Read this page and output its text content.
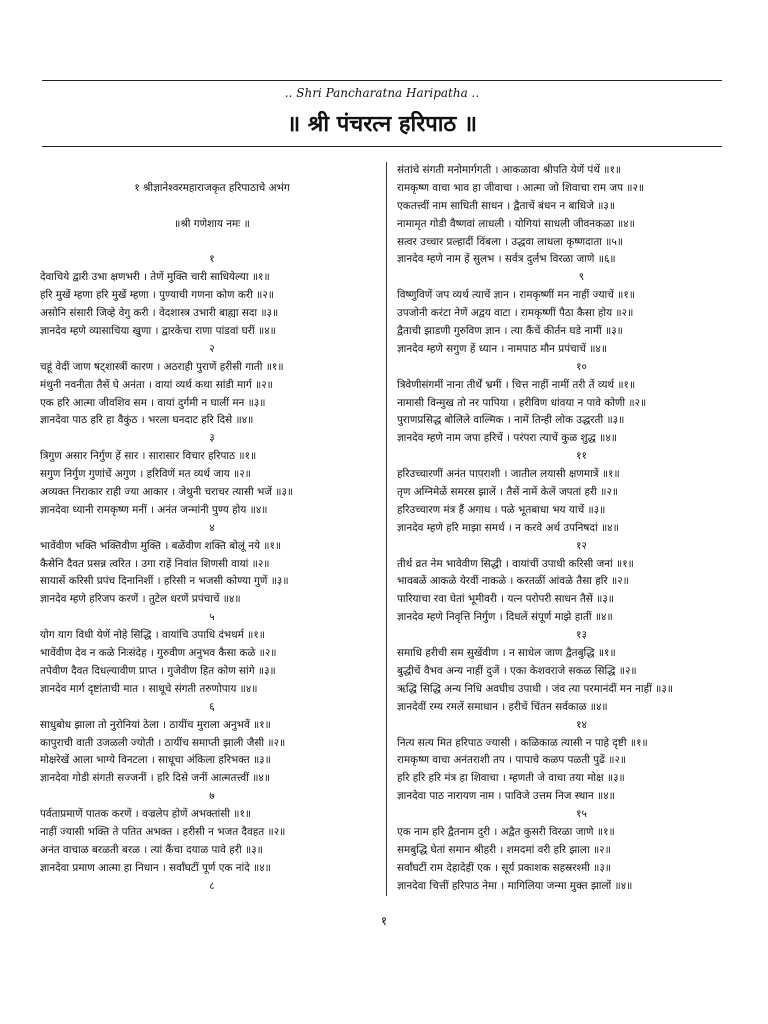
.. Shri Pancharatna Haripatha ..
॥ श्री पंचरत्न हरिपाठ ॥
१ श्रीज्ञानेश्वरमहाराजकृत हरिपाठाचे अभंग
॥श्री गणेशाय नमः ॥
१
देवाचिये द्वारी उभा क्षणभरी । तेणें मुक्ति चारी साधियेल्या ॥१॥
हरि मुखें म्हणा हरि मुखें म्हणा । पुण्याची गणना कोण करी ॥२॥
असोनि संसारी जिव्हे वेगु करी । वेदशास्त्र उभारी बाह्या सदा ॥३॥
ज्ञानदेव म्हणे व्यासाचिया खुणा । द्वारकेचा राणा पांडवां घरीं ॥४॥
२
चहूं वेदीं जाण षट्शास्त्रीं कारण । अठराही पुराणें हरीसी गाती ॥१॥
मंथुनी नवनीता तैसें घे अनंता । वायां व्यर्थ कथा सांडी मार्ग ॥२॥
एक हरि आत्मा जीवशिव सम । वायां दुर्गमी न घालीं मन ॥३॥
ज्ञानदेवा पाठ हरि हा वैकुंठ । भरला घनदाट हरि दिसे ॥४॥
३
त्रिगुण असार निर्गुण हें सार । सारासार विचार हरिपाठ ॥१॥
सगुण निर्गुण गुणांचें अगुण । हरिविणें मत व्यर्थ जाय ॥२॥
अव्यक्त निराकार राही ज्या आकार । जेथुनी चराचर त्यासी भजें ॥३॥
ज्ञानदेवा ध्यानी रामकृष्ण मनीं । अनंत जन्मांनी पुण्य होय ॥४॥
४
भावेंवीण भक्ति भक्तिवीण मुक्ति । बळेंवीण शक्ति बोलूं नये ॥१॥
कैसेनि दैवत प्रसन्न त्वरित । उगा राहें निवांत शिणसी वायां ॥२॥
सायासें करिसी प्रपंच दिनानिशीं । हरिसी न भजसी कोण्या गुणें ॥३॥
ज्ञानदेव म्हणे हरिजप करणें । तुटेल धरणें प्रपंचाचें ॥४॥
५
योग याग विधी येणें नोहे सिद्धि । वायांचि उपाधि दंभधर्म ॥१॥
भावेंवीण देव न कळे निःसंदेह । गुरुवीण अनुभव कैसा कळे ॥२॥
तपेवीण दैवत दिधल्यावीण प्राप्त । गुजेवीण हित कोण सांगे ॥३॥
ज्ञानदेव मार्ग दृष्टांताची मात । साधूचे संगती तरुणोपाय ॥४॥
६
साधुबोध झाला तो नुरोनियां ठेला । ठायींच मुराला अनुभवें ॥१॥
कापुराची वाती उजळली ज्योती । ठायींच समाप्ती झाली जैसी ॥२॥
मोक्षरेखें आला भाग्ये विनटला । साधूचा अंकिला हरिभक्त ॥३॥
ज्ञानदेवा गोडी संगती सज्जनीं । हरि दिसे जनीं आत्मतत्त्वीं ॥४॥
७
पर्वताप्रमाणें पातक करणें । वज्रलेप होणें अभक्तांसी ॥१॥
नाहीं ज्यासी भक्ति ते पतित अभक्त । हरीसी न भजत दैवहत ॥२॥
अनंत वाचाळ बरळती बरळ । त्यां कैंचा दयाळ पावे हरी ॥३॥
ज्ञानदेवा प्रमाण आत्मा हा निधान । सर्वांघटीं पूर्ण एक नांदे ॥४॥
८
संतांचे संगती मनोमार्गगती । आकळावा श्रीपति येणें पंथें ॥१॥
रामकृष्ण वाचा भाव हा जीवाचा । आत्मा जो शिवाचा राम जप ॥२॥
एकतत्त्वीं नाम साधिती साधन । द्वैताचें बंधन न बाधिजे ॥३॥
नामामृत गोडी वैष्णवां लाधली । योगियां साधली जीवनकळा ॥४॥
सत्वर उच्चार प्रल्हादीं विंबला । उद्धवा लाधला कृष्णदाता ॥५॥
ज्ञानदेव म्हणे नाम हें सुलभ । सर्वत्र दुर्लभ विरळा जाणे ॥६॥
९
विष्णुविणें जप व्यर्थ त्याचें ज्ञान । रामकृष्णीं मन नाहीं ज्याचें ॥१॥
उपजोनी करंटा नेणें अद्वय वाटा । रामकृष्णीं पैठा कैसा होय ॥२॥
द्वैताची झाडणी गुरुविण ज्ञान । त्या कैंचें कीर्तन घडे नामीं ॥३॥
ज्ञानदेव म्हणे सगुण हें ध्यान । नामपाठ मौन प्रपंचाचें ॥४॥
१०
त्रिवेणीसंगमीं नाना तीर्थें भ्रमीं । चित्त नाहीं नामीं तरी तें व्यर्थ ॥१॥
नामासी विन्मुख तो नर पापिया । हरीविण धांवया न पावे कोणी ॥२॥
पुराणप्रसिद्ध बोलिले वाल्मिक । नामें तिन्ही लोक उद्धरती ॥३॥
ज्ञानदेव म्हणे नाम जपा हरिचें । परंपरा त्याचें कुळ शुद्ध ॥४॥
११
हरिउच्चारणीं अनंत पापराशी । जातील लयासी क्षणमात्रें ॥१॥
तृण अग्निमेळें समरस झालें । तैसें नामें केलें जपतां हरी ॥२॥
हरिउच्चारण मंत्र हैं अगाध । पळे भूतबाधा भय याचें ॥३॥
ज्ञानदेव म्हणे हरि माझा समर्थ । न करवे अर्थ उपनिषदां ॥४॥
१२
तीर्थ व्रत नेम भावेवीण सिद्धी । वायांचीं उपाधी करिसी जनां ॥१॥
भावबळें आकळे येरवीं नाकळे । करतळीं आंवळे तैसा हरि ॥२॥
पारियाचा रवा घेतां भूमीवरी । यत्न परोपरी साधन तैसें ॥३॥
ज्ञानदेव म्हणे निवृत्ति निर्गुण । दिधलें संपूर्ण माझे हातीं ॥४॥
१३
समाधि हरीची सम सुखेंवीण । न साधेल जाण द्वैतबुद्धि ॥१॥
बुद्धीचें वैभव अन्य नाहीं दुजें । एका केशवराजे सकळ सिद्धि ॥२॥
ऋद्धि सिद्धि अन्य निधि अवघीच उपाधी । जंव त्या परमानंदीं मन नाहीं ॥३॥
ज्ञानदेवीं रम्य रमलें समाधान । हरीचें चिंतन सर्वकाळ ॥४॥
१४
नित्य सत्य मित हरिपाठ ज्यासी । कळिकाळ त्यासी न पाहे दृष्टी ॥१॥
रामकृष्ण वाचा अनंतराशी तप । पापाचे कळप पळती पुढें ॥२॥
हरि हरि हरि मंत्र हा शिवाचा । म्हणती जे वाचा तया मोक्ष ॥३॥
ज्ञानदेवा पाठ नारायण नाम । पाविजे उत्तम निज स्थान ॥४॥
१५
एक नाम हरि द्वैतनाम दुरी । अद्वैत कुसरी विरळा जाणे ॥१॥
समबुद्धि घेतां समान श्रीहरी । शमदमां वरी हरि झाला ॥२॥
सर्वांघटीं राम देहादेहीं एक । सूर्य प्रकाशक सहस्ररश्मी ॥३॥
ज्ञानदेवा चित्तीं हरिपाठ नेमा । मागिलिया जन्मा मुक्त झालों ॥४॥
१
